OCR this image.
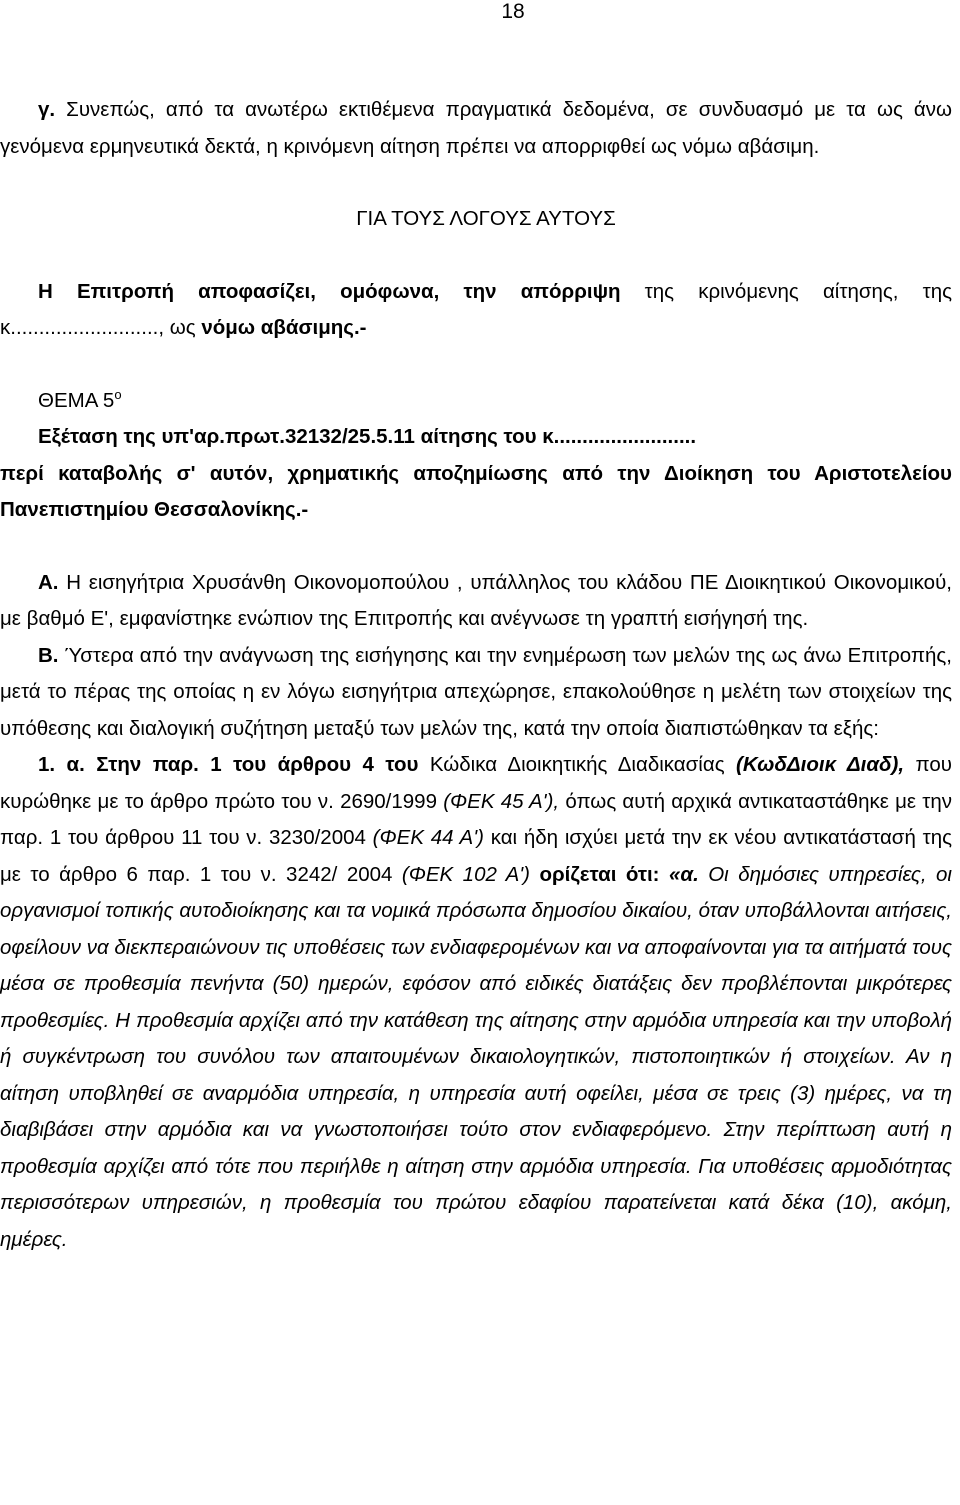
18

γ. Συνεπώς, από τα ανωτέρω εκτιθέμενα πραγματικά δεδομένα, σε συνδυασμό με τα ως άνω γενόμενα ερμηνευτικά δεκτά, η κρινόμενη αίτηση πρέπει να απορριφθεί ως νόμω αβάσιμη.

ΓΙΑ ΤΟΥΣ ΛΟΓΟΥΣ ΑΥΤΟΥΣ

Η Επιτροπή αποφασίζει, ομόφωνα, την απόρριψη της κρινόμενης αίτησης, της κ.........................., ως νόμω αβάσιμης.-

ΘΕΜΑ $5^o$

Εξέταση της υπ'αρ.πρωτ.32132/25.5.11 αίτησης του κ.........................

περί καταβολής σ' αυτόν, χρηματικής αποζημίωσης από την Διοίκηση του Αριστοτελείου Πανεπιστημίου Θεσσαλονίκης.-

Α. Η εισηγήτρια Χρυσάνθη Οικονομοπούλου , υπάλληλος του κλάδου ΠΕ Διοικητικού Οικονομικού, με βαθμό Ε', εμφανίστηκε ενώπιον της Επιτροπής και ανέγνωσε τη γραπτή εισήγησή της.

Β. Ύστερα από την ανάγνωση της εισήγησης και την ενημέρωση των μελών της ως άνω Επιτροπής, μετά το πέρας της οποίας η εν λόγω εισηγήτρια απεχώρησε, επακολούθησε η μελέτη των στοιχείων της υπόθεσης και διαλογική συζήτηση μεταξύ των μελών της, κατά την οποία διαπιστώθηκαν τα εξής:

1. α. Στην παρ. 1 του άρθρου 4 του Κώδικα Διοικητικής Διαδικασίας (ΚωδΔιοικ Διαδ), που κυρώθηκε με το άρθρο πρώτο του ν. 2690/1999 (ΦΕΚ 45 Α'), όπως αυτή αρχικά αντικαταστάθηκε με την παρ. 1 του άρθρου 11 του ν. 3230/2004 (ΦΕΚ 44 Α') και ήδη ισχύει μετά την εκ νέου αντικατάστασή της με το άρθρο 6 παρ. 1 του ν. 3242/ 2004 (ΦΕΚ 102 Α') ορίζεται ότι: «α. Οι δημόσιες υπηρεσίες, οι οργανισμοί τοπικής αυτοδιοίκησης και τα νομικά πρόσωπα δημοσίου δικαίου, όταν υποβάλλονται αιτήσεις, οφείλουν να διεκπεραιώνουν τις υποθέσεις των ενδιαφερομένων και να αποφαίνονται για τα αιτήματά τους μέσα σε προθεσμία πενήντα (50) ημερών, εφόσον από ειδικές διατάξεις δεν προβλέπονται μικρότερες προθεσμίες. Η προθεσμία αρχίζει από την κατάθεση της αίτησης στην αρμόδια υπηρεσία και την υποβολή ή συγκέντρωση του συνόλου των απαιτουμένων δικαιολογητικών, πιστοποιητικών ή στοιχείων. Αν η αίτηση υποβληθεί σε αναρμόδια υπηρεσία, η υπηρεσία αυτή οφείλει, μέσα σε τρεις (3) ημέρες, να τη διαβιβάσει στην αρμόδια και να γνωστοποιήσει τούτο στον ενδιαφερόμενο. Στην περίπτωση αυτή η προθεσμία αρχίζει από τότε που περιήλθε η αίτηση στην αρμόδια υπηρεσία. Για υποθέσεις αρμοδιότητας περισσότερων υπηρεσιών, η προθεσμία του πρώτου εδαφίου παρατείνεται κατά δέκα (10), ακόμη, ημέρες.
